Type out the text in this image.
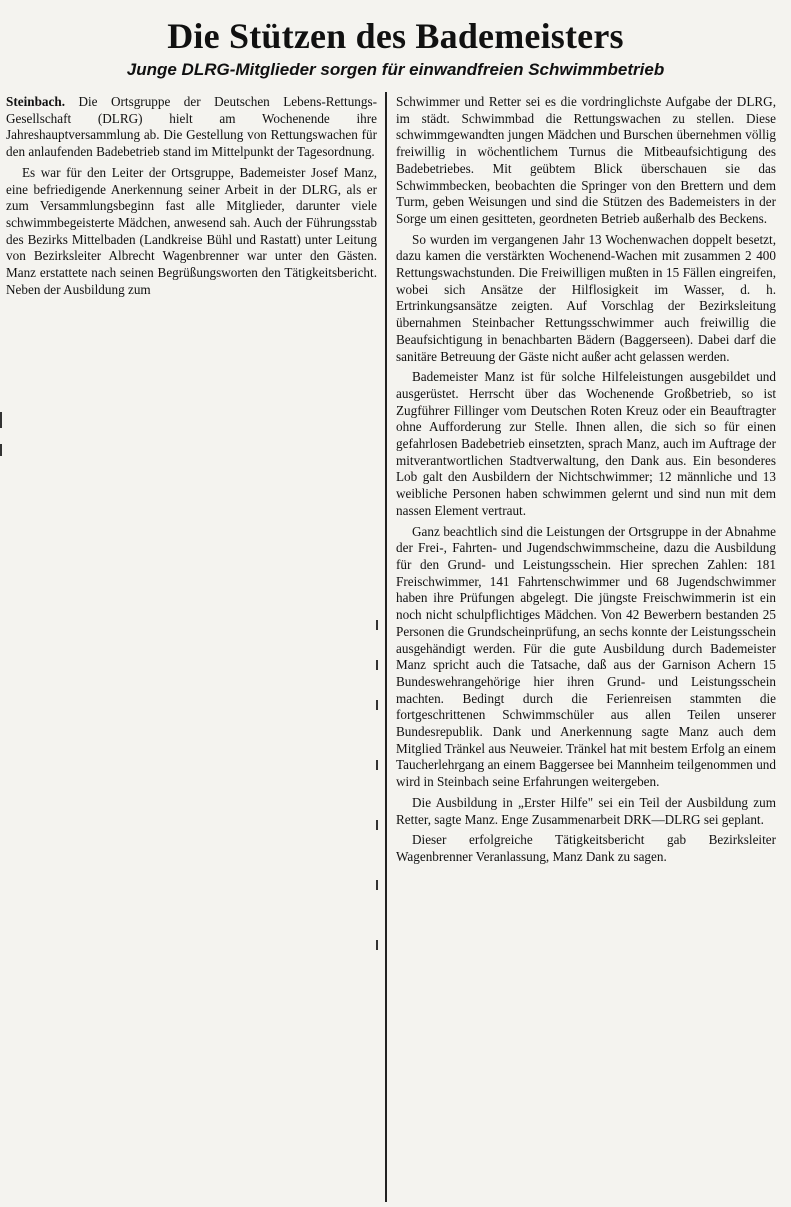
Die Stützen des Bademeisters
Junge DLRG-Mitglieder sorgen für einwandfreien Schwimmbetrieb

Steinbach. Die Ortsgruppe der Deutschen Lebens-Rettungs-Gesellschaft (DLRG) hielt am Wochenende ihre Jahreshauptversammlung ab. Die Gestellung von Rettungswachen für den anlaufenden Badebetrieb stand im Mittelpunkt der Tagesordnung.

Es war für den Leiter der Ortsgruppe, Bademeister Josef Manz, eine befriedigende Anerkennung seiner Arbeit in der DLRG, als er zum Versammlungsbeginn fast alle Mitglieder, darunter viele schwimmbegeisterte Mädchen, anwesend sah. Auch der Führungsstab des Bezirks Mittelbaden (Landkreise Bühl und Rastatt) unter Leitung von Bezirksleiter Albrecht Wagenbrenner war unter den Gästen. Manz erstattete nach seinen Begrüßungsworten den Tätigkeitsbericht. Neben der Ausbildung zum

Schwimmer und Retter sei es die vordringlichste Aufgabe der DLRG, im städt. Schwimmbad die Rettungswachen zu stellen. Diese schwimmgewandten jungen Mädchen und Burschen übernehmen völlig freiwillig in wöchentlichem Turnus die Mitbeaufsichtigung des Badebetriebes. Mit geübtem Blick überschauen sie das Schwimmbecken, beobachten die Springer von den Brettern und dem Turm, geben Weisungen und sind die Stützen des Bademeisters in der Sorge um einen gesitteten, geordneten Betrieb außerhalb des Beckens.

So wurden im vergangenen Jahr 13 Wochenwachen doppelt besetzt, dazu kamen die verstärkten Wochenend-Wachen mit zusammen 2 400 Rettungswachstunden. Die Freiwilligen mußten in 15 Fällen eingreifen, wobei sich Ansätze der Hilflosigkeit im Wasser, d. h. Ertrinkungsansätze zeigten. Auf Vorschlag der Bezirksleitung übernahmen Steinbacher Rettungsschwimmer auch freiwillig die Beaufsichtigung in benachbarten Bädern (Baggerseen). Dabei darf die sanitäre Betreuung der Gäste nicht außer acht gelassen werden.

Bademeister Manz ist für solche Hilfeleistungen ausgebildet und ausgerüstet. Herrscht über das Wochenende Großbetrieb, so ist Zugführer Fillinger vom Deutschen Roten Kreuz oder ein Beauftragter ohne Aufforderung zur Stelle. Ihnen allen, die sich so für einen gefahrlosen Badebetrieb einsetzten, sprach Manz, auch im Auftrage der mitverantwortlichen Stadtverwaltung, den Dank aus. Ein besonderes Lob galt den Ausbildern der Nichtschwimmer; 12 männliche und 13 weibliche Personen haben schwimmen gelernt und sind nun mit dem nassen Element vertraut.

Ganz beachtlich sind die Leistungen der Ortsgruppe in der Abnahme der Frei-, Fahrten- und Jugendschwimmscheine, dazu die Ausbildung für den Grund- und Leistungsschein. Hier sprechen Zahlen: 181 Freischwimmer, 141 Fahrtenschwimmer und 68 Jugendschwimmer haben ihre Prüfungen abgelegt. Die jüngste Freischwimmerin ist ein noch nicht schulpflichtiges Mädchen. Von 42 Bewerbern bestanden 25 Personen die Grundscheinprüfung, an sechs konnte der Leistungsschein ausgehändigt werden. Für die gute Ausbildung durch Bademeister Manz spricht auch die Tatsache, daß aus der Garnison Achern 15 Bundeswehrangehörige hier ihren Grund- und Leistungsschein machten. Bedingt durch die Ferienreisen stammten die fortgeschrittenen Schwimmschüler aus allen Teilen unserer Bundesrepublik. Dank und Anerkennung sagte Manz auch dem Mitglied Tränkel aus Neuweier. Tränkel hat mit bestem Erfolg an einem Taucherlehrgang an einem Baggersee bei Mannheim teilgenommen und wird in Steinbach seine Erfahrungen weitergeben.

Die Ausbildung in „Erster Hilfe" sei ein Teil der Ausbildung zum Retter, sagte Manz. Enge Zusammenarbeit DRK—DLRG sei geplant.

Dieser erfolgreiche Tätigkeitsbericht gab Bezirksleiter Wagenbrenner Veranlassung, Manz Dank zu sagen.
